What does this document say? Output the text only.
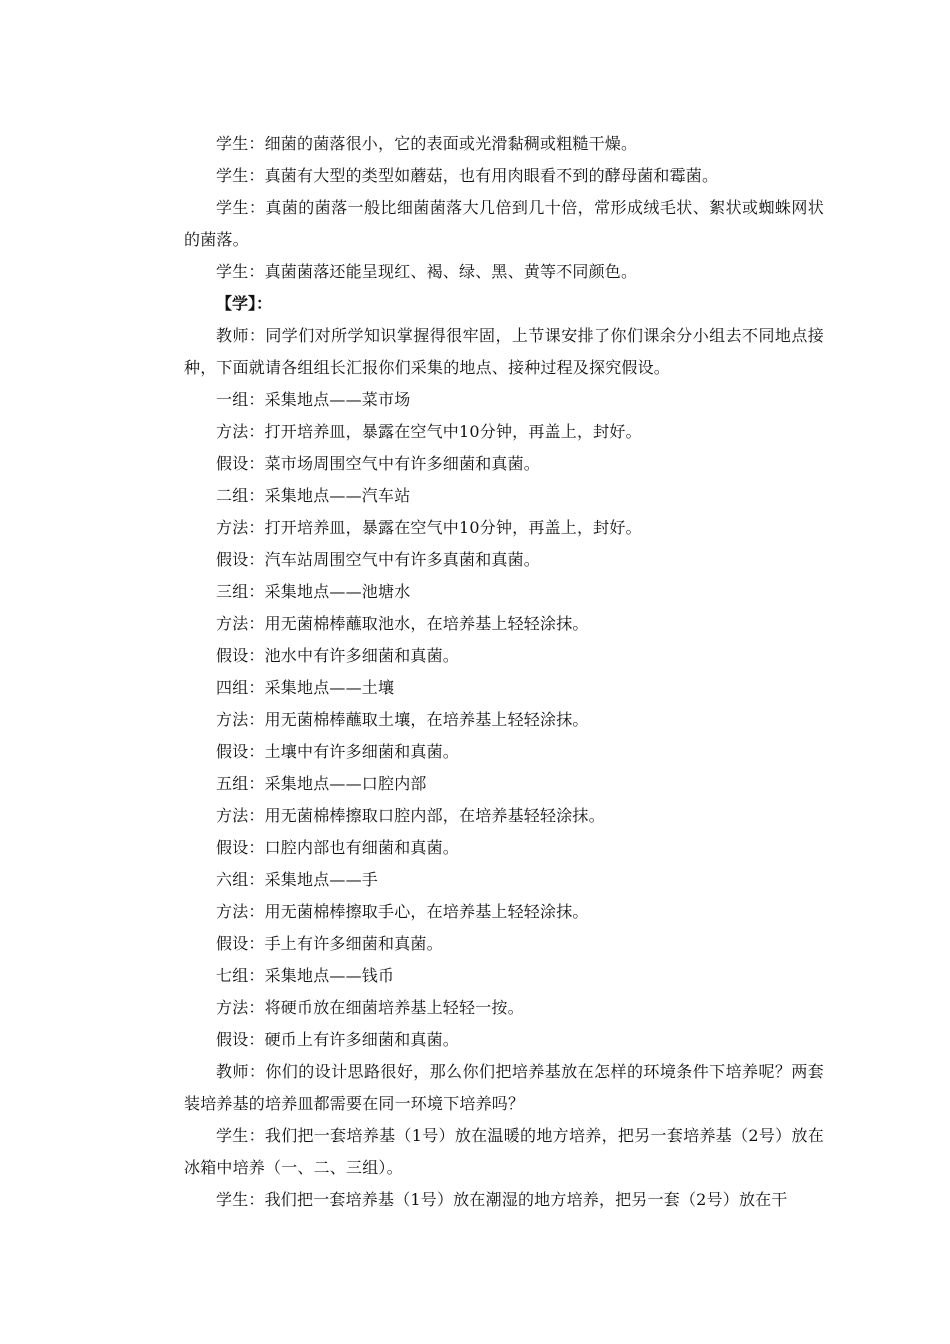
学生：细菌的菌落很小，它的表面或光滑黏稠或粗糙干燥。

学生：真菌有大型的类型如蘑菇，也有用肉眼看不到的酵母菌和霉菌。

学生：真菌的菌落一般比细菌菌落大几倍到几十倍，常形成绒毛状、絮状或蜘蛛网状的菌落。

学生：真菌菌落还能呈现红、褐、绿、黑、黄等不同颜色。

【学】：

教师：同学们对所学知识掌握得很牢固，上节课安排了你们课余分小组去不同地点接种，下面就请各组组长汇报你们采集的地点、接种过程及探究假设。

一组：采集地点——菜市场

方法：打开培养皿，暴露在空气中10分钟，再盖上，封好。

假设：菜市场周围空气中有许多细菌和真菌。

二组：采集地点——汽车站

方法：打开培养皿，暴露在空气中10分钟，再盖上，封好。

假设：汽车站周围空气中有许多真菌和真菌。

三组：采集地点——池塘水

方法：用无菌棉棒蘸取池水，在培养基上轻轻涂抹。

假设：池水中有许多细菌和真菌。

四组：采集地点——土壤

方法：用无菌棉棒蘸取土壤，在培养基上轻轻涂抹。

假设：土壤中有许多细菌和真菌。

五组：采集地点——口腔内部

方法：用无菌棉棒擦取口腔内部，在培养基轻轻涂抹。

假设：口腔内部也有细菌和真菌。

六组：采集地点——手

方法：用无菌棉棒擦取手心，在培养基上轻轻涂抹。

假设：手上有许多细菌和真菌。

七组：采集地点——钱币

方法：将硬币放在细菌培养基上轻轻一按。

假设：硬币上有许多细菌和真菌。

教师：你们的设计思路很好，那么你们把培养基放在怎样的环境条件下培养呢？两套装培养基的培养皿都需要在同一环境下培养吗？

学生：我们把一套培养基（1号）放在温暖的地方培养，把另一套培养基（2号）放在冰箱中培养（一、二、三组）。

学生：我们把一套培养基（1号）放在潮湿的地方培养，把另一套（2号）放在干
